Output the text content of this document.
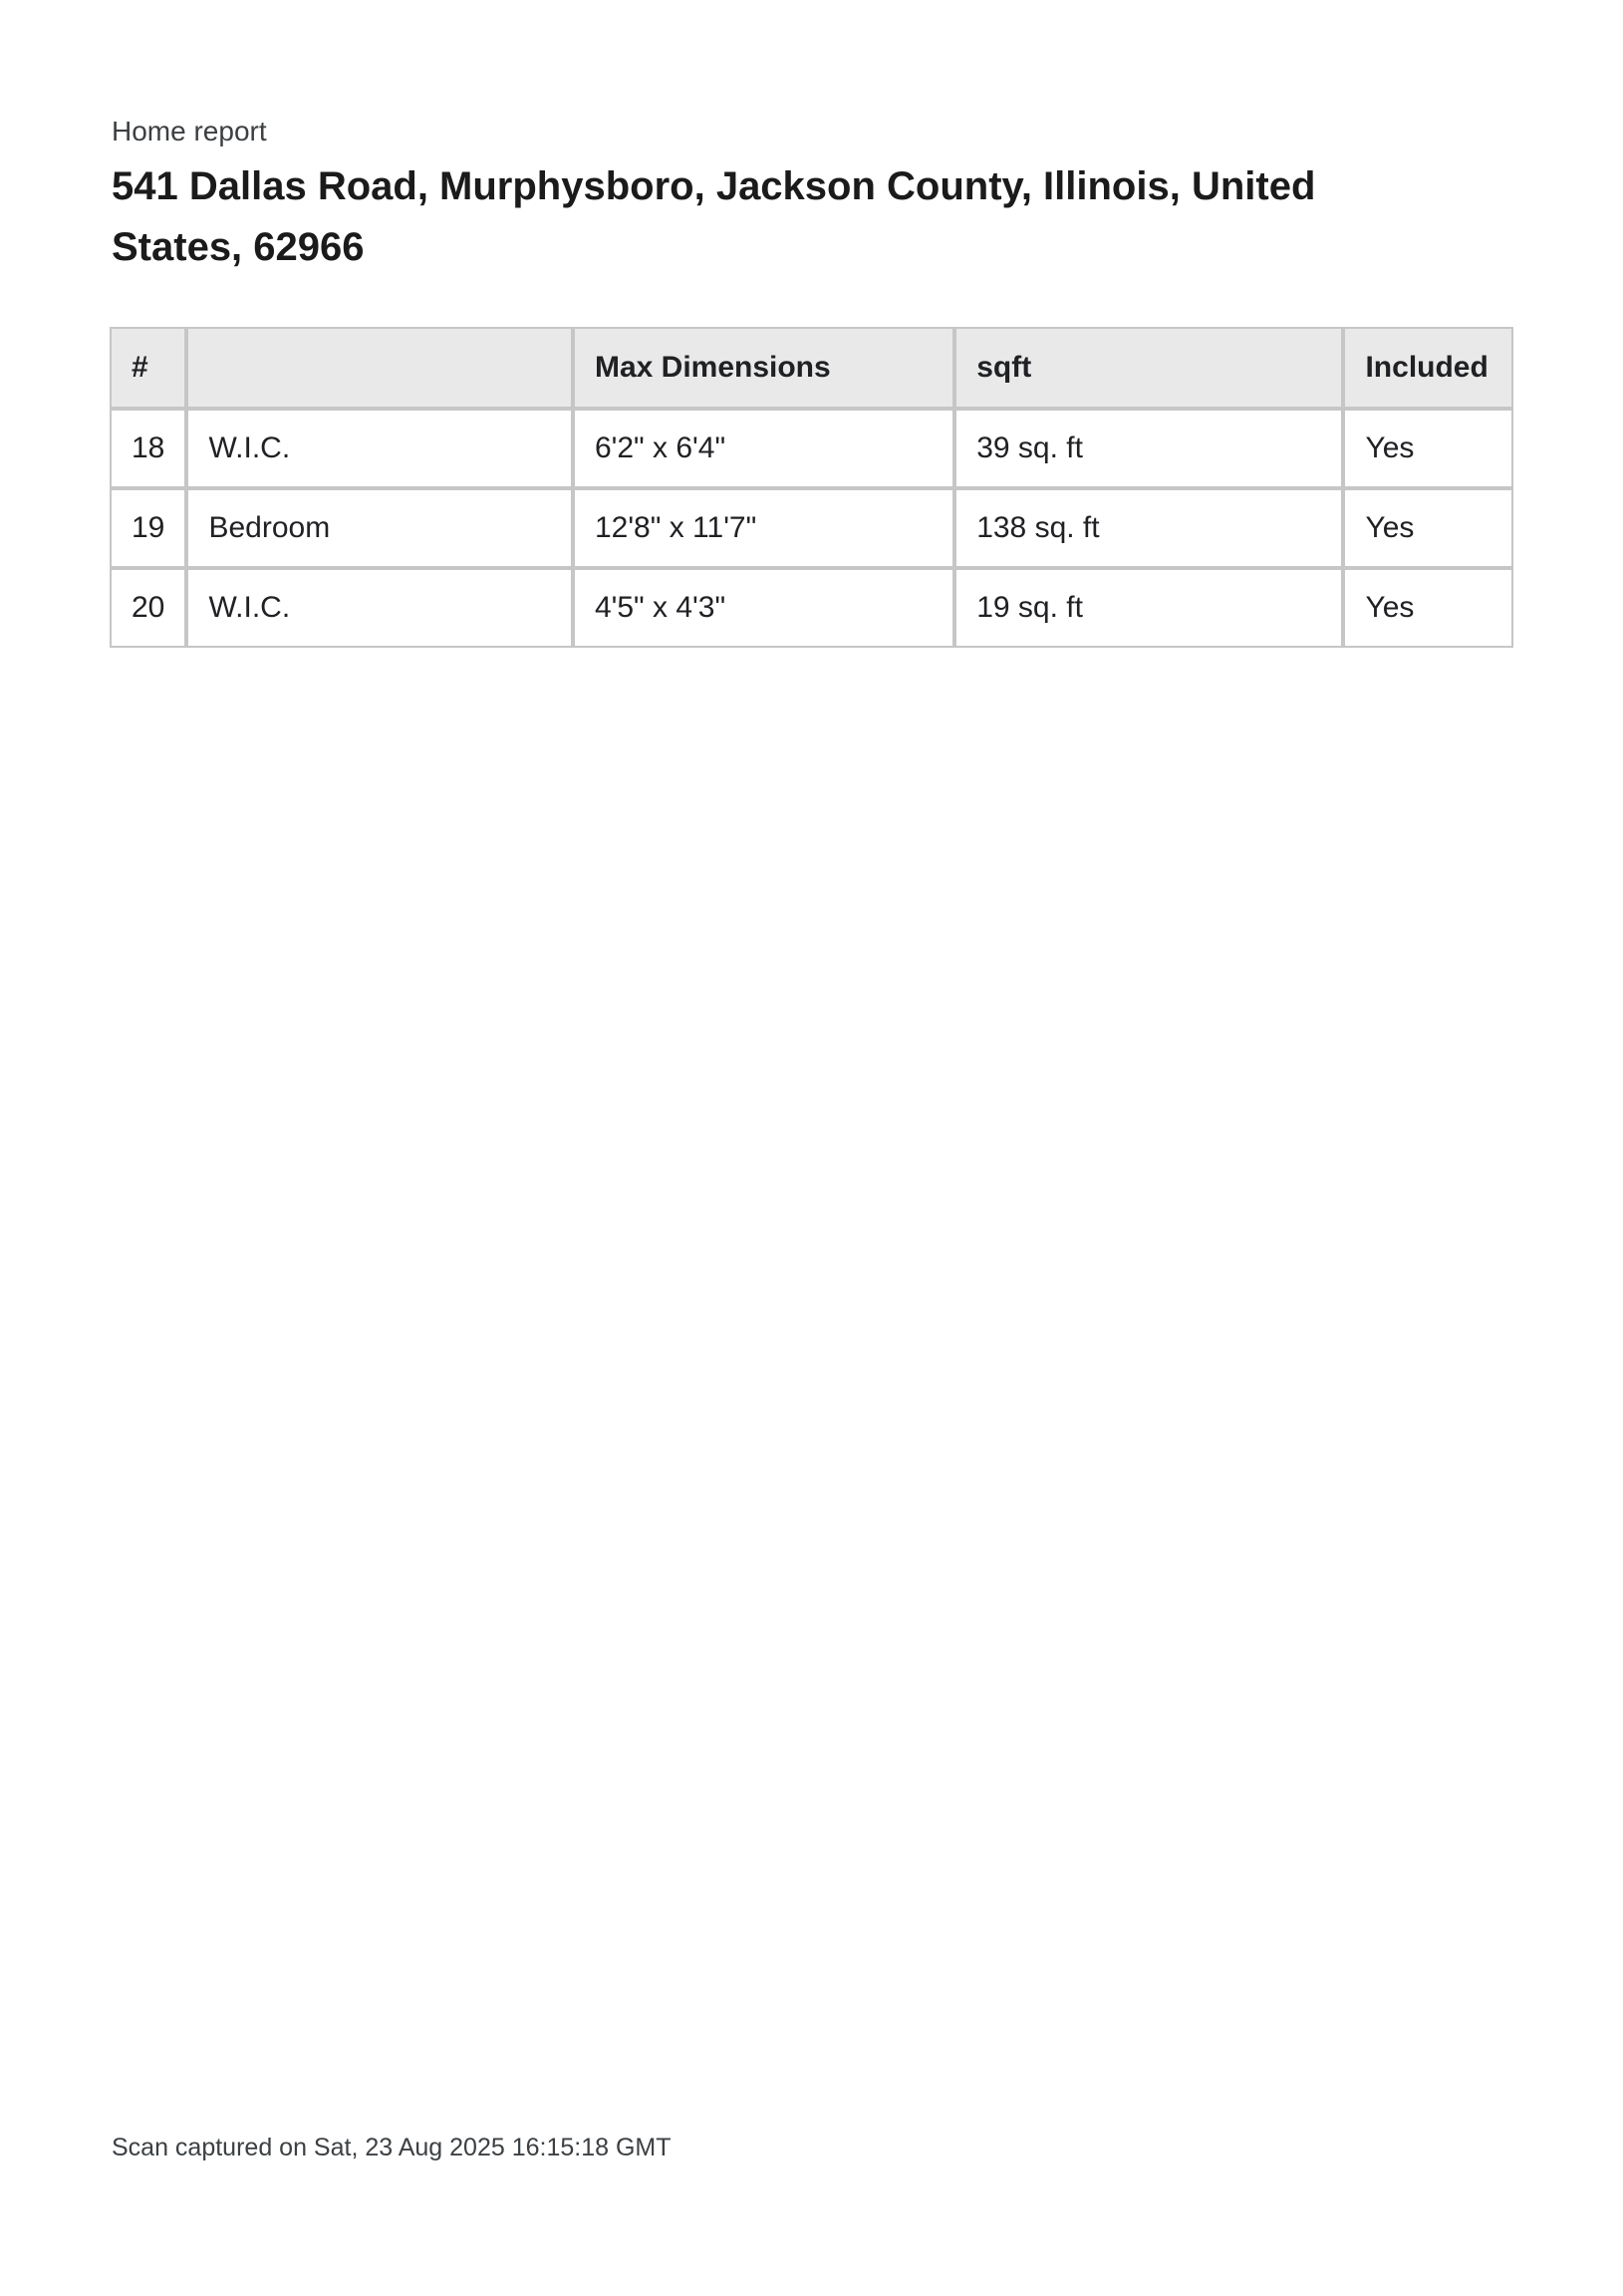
Home report
541 Dallas Road, Murphysboro, Jackson County, Illinois, United
States, 62966
#		Max Dimensions	sqft	Included
18	W.I.C.	6'2" x 6'4"	39 sq. ft	Yes
19	Bedroom	12'8" x 11'7"	138 sq. ft	Yes
20	W.I.C.	4'5" x 4'3"	19 sq. ft	Yes
Scan captured on Sat, 23 Aug 2025 16:15:18 GMT
